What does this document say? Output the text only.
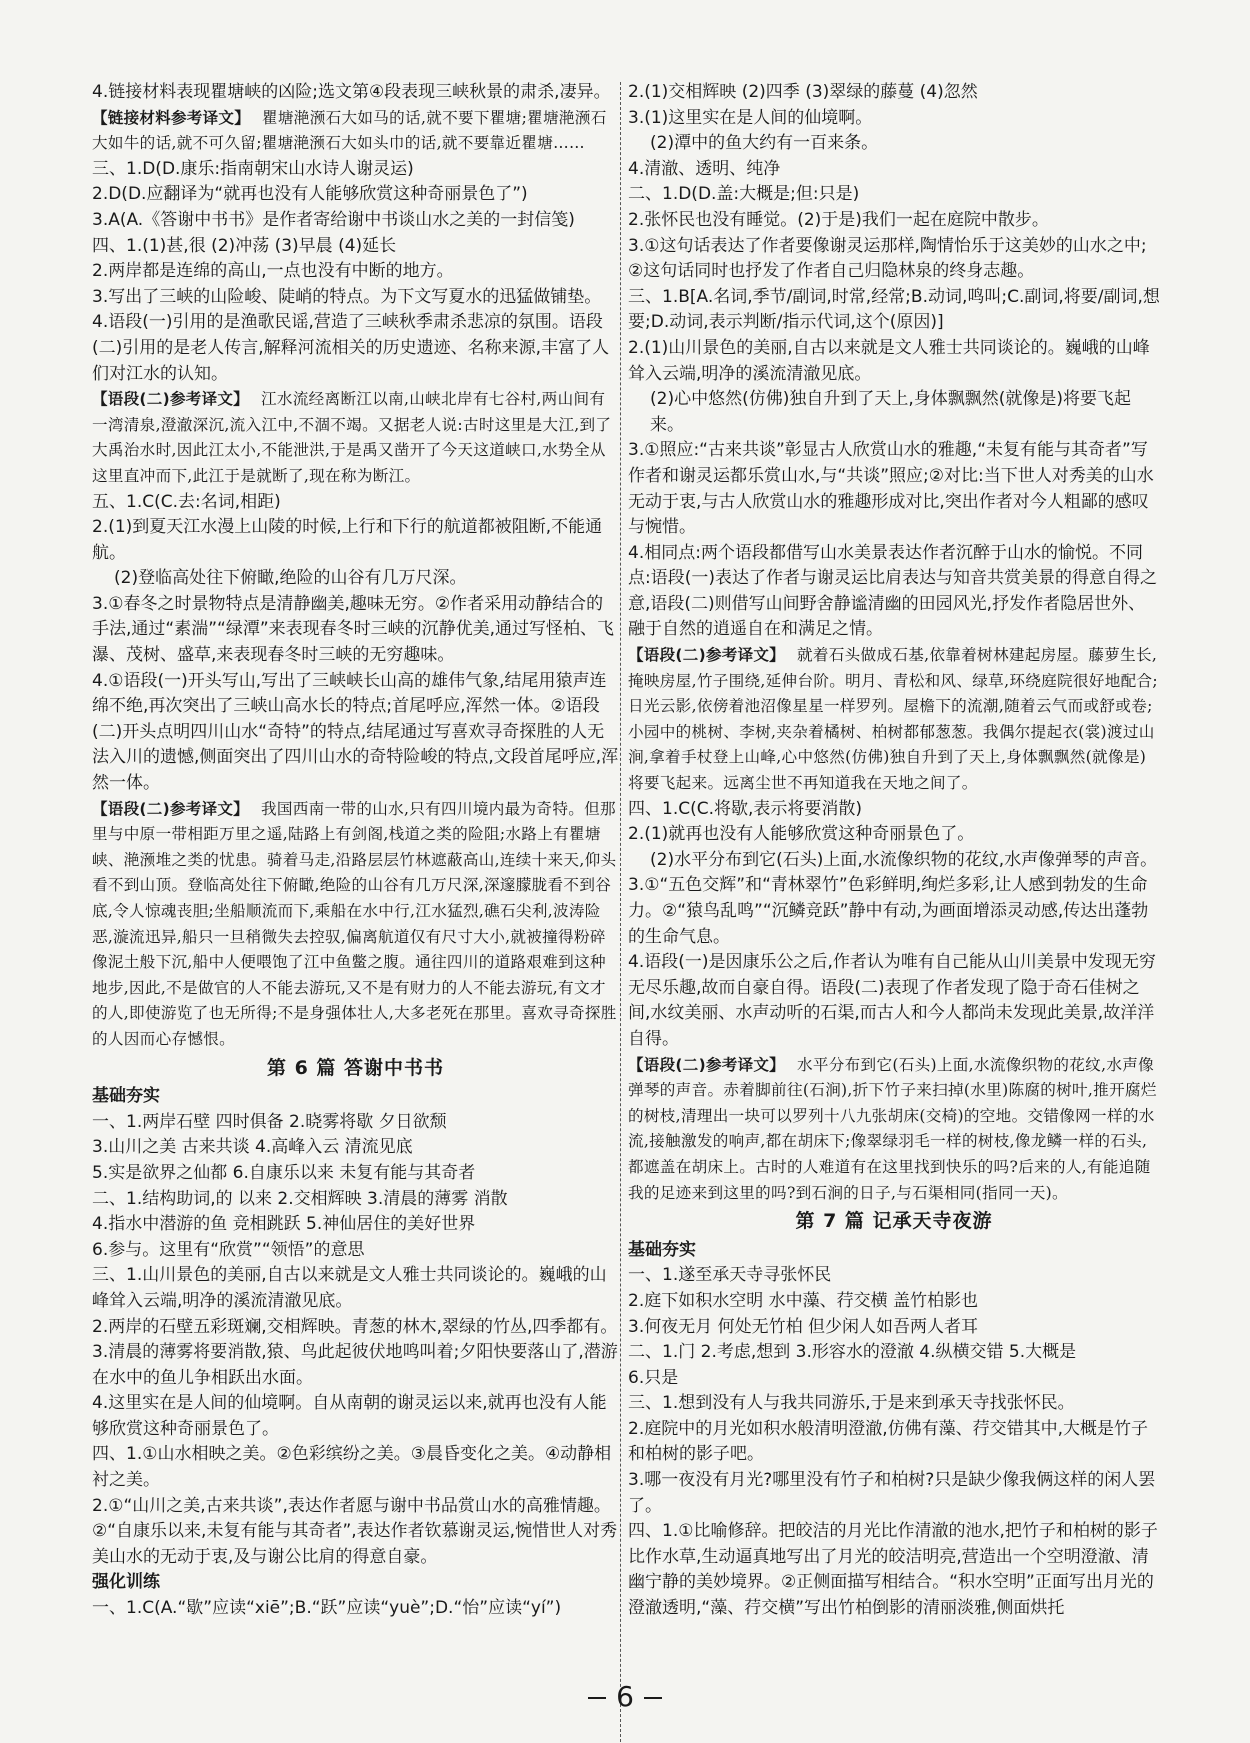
4.链接材料表现瞿塘峡的凶险;选文第④段表现三峡秋景的肃杀,凄异。

【链接材料参考译文】 瞿塘滟滪石大如马的话,就不要下瞿塘;瞿塘滟滪石大如牛的话,就不可久留;瞿塘滟滪石大如头巾的话,就不要靠近瞿塘……

三、1.D(D.康乐:指南朝宋山水诗人谢灵运)

2.D(D.应翻译为“就再也没有人能够欣赏这种奇丽景色了”)

3.A(A.《答谢中书书》是作者寄给谢中书谈山水之美的一封信笺)

四、1.(1)甚,很 (2)冲荡 (3)早晨 (4)延长

2.两岸都是连绵的高山,一点也没有中断的地方。

3.写出了三峡的山险峻、陡峭的特点。为下文写夏水的迅猛做铺垫。

4.语段(一)引用的是渔歌民谣,营造了三峡秋季肃杀悲凉的氛围。语段(二)引用的是老人传言,解释河流相关的历史遗迹、名称来源,丰富了人们对江水的认知。

【语段(二)参考译文】 江水流经离断江以南,山峡北岸有七谷村,两山间有一湾清泉,澄澈深沉,流入江中,不涸不竭。又据老人说:古时这里是大江,到了大禹治水时,因此江太小,不能泄洪,于是禹又凿开了今天这道峡口,水势全从这里直冲而下,此江于是就断了,现在称为断江。

五、1.C(C.去:名词,相距)

2.(1)到夏天江水漫上山陵的时候,上行和下行的航道都被阻断,不能通航。

(2)登临高处往下俯瞰,绝险的山谷有几万尺深。

3.①春冬之时景物特点是清静幽美,趣味无穷。②作者采用动静结合的手法,通过“素湍”“绿潭”来表现春冬时三峡的沉静优美,通过写怪柏、飞瀑、茂树、盛草,来表现春冬时三峡的无穷趣味。

4.①语段(一)开头写山,写出了三峡峡长山高的雄伟气象,结尾用猿声连绵不绝,再次突出了三峡山高水长的特点;首尾呼应,浑然一体。②语段(二)开头点明四川山水“奇特”的特点,结尾通过写喜欢寻奇探胜的人无法入川的遗憾,侧面突出了四川山水的奇特险峻的特点,文段首尾呼应,浑然一体。

【语段(二)参考译文】 我国西南一带的山水,只有四川境内最为奇特。但那里与中原一带相距万里之遥,陆路上有剑阁,栈道之类的险阻;水路上有瞿塘峡、滟滪堆之类的忧患。骑着马走,沿路层层竹林遮蔽高山,连续十来天,仰头看不到山顶。登临高处往下俯瞰,绝险的山谷有几万尺深,深邃朦胧看不到谷底,令人惊魂丧胆;坐船顺流而下,乘船在水中行,江水猛烈,礁石尖利,波涛险恶,漩流迅异,船只一旦稍微失去控驭,偏离航道仅有尺寸大小,就被撞得粉碎像泥土般下沉,船中人便喂饱了江中鱼鳖之腹。通往四川的道路艰难到这种地步,因此,不是做官的人不能去游玩,又不是有财力的人不能去游玩,有文才的人,即使游览了也无所得;不是身强体壮人,大多老死在那里。喜欢寻奇探胜的人因而心存憾恨。

第 6 篇 答谢中书书

基础夯实

一、1.两岸石壁 四时俱备 2.晓雾将歇 夕日欲颓

3.山川之美 古来共谈 4.高峰入云 清流见底

5.实是欲界之仙都 6.自康乐以来 未复有能与其奇者

二、1.结构助词,的 以来 2.交相辉映 3.清晨的薄雾 消散

4.指水中潜游的鱼 竞相跳跃 5.神仙居住的美好世界

6.参与。这里有“欣赏”“领悟”的意思

三、1.山川景色的美丽,自古以来就是文人雅士共同谈论的。巍峨的山峰耸入云端,明净的溪流清澈见底。

2.两岸的石壁五彩斑斓,交相辉映。青葱的林木,翠绿的竹丛,四季都有。

3.清晨的薄雾将要消散,猿、鸟此起彼伏地鸣叫着;夕阳快要落山了,潜游在水中的鱼儿争相跃出水面。

4.这里实在是人间的仙境啊。自从南朝的谢灵运以来,就再也没有人能够欣赏这种奇丽景色了。

四、1.①山水相映之美。②色彩缤纷之美。③晨昏变化之美。④动静相衬之美。

2.①“山川之美,古来共谈”,表达作者愿与谢中书品赏山水的高雅情趣。②“自康乐以来,未复有能与其奇者”,表达作者钦慕谢灵运,惋惜世人对秀美山水的无动于衷,及与谢公比肩的得意自豪。

强化训练

一、1.C(A.“歇”应读“xiē”;B.“跃”应读“yuè”;D.“怡”应读“yí”)

2.(1)交相辉映 (2)四季 (3)翠绿的藤蔓 (4)忽然

3.(1)这里实在是人间的仙境啊。

(2)潭中的鱼大约有一百来条。

4.清澈、透明、纯净

二、1.D(D.盖:大概是;但:只是)

2.张怀民也没有睡觉。(2)于是)我们一起在庭院中散步。

3.①这句话表达了作者要像谢灵运那样,陶情怡乐于这美妙的山水之中;②这句话同时也抒发了作者自己归隐林泉的终身志趣。

三、1.B[A.名词,季节/副词,时常,经常;B.动词,鸣叫;C.副词,将要/副词,想要;D.动词,表示判断/指示代词,这个(原因)]

2.(1)山川景色的美丽,自古以来就是文人雅士共同谈论的。巍峨的山峰耸入云端,明净的溪流清澈见底。

(2)心中悠然(仿佛)独自升到了天上,身体飘飘然(就像是)将要飞起来。

3.①照应:“古来共谈”彰显古人欣赏山水的雅趣,“未复有能与其奇者”写作者和谢灵运都乐赏山水,与“共谈”照应;②对比:当下世人对秀美的山水无动于衷,与古人欣赏山水的雅趣形成对比,突出作者对今人粗鄙的感叹与惋惜。

4.相同点:两个语段都借写山水美景表达作者沉醉于山水的愉悦。不同点:语段(一)表达了作者与谢灵运比肩表达与知音共赏美景的得意自得之意,语段(二)则借写山间野舍静谧清幽的田园风光,抒发作者隐居世外、融于自然的逍遥自在和满足之情。

【语段(二)参考译文】 就着石头做成石基,依靠着树林建起房屋。藤萝生长,掩映房屋,竹子围绕,延伸台阶。明月、青松和风、绿草,环绕庭院很好地配合;日光云影,依傍着池沼像星星一样罗列。屋檐下的流潮,随着云气而或舒或卷;小园中的桃树、李树,夹杂着橘树、柏树都郁葱葱。我偶尔提起衣(裳)渡过山涧,拿着手杖登上山峰,心中悠然(仿佛)独自升到了天上,身体飘飘然(就像是)将要飞起来。远离尘世不再知道我在天地之间了。

四、1.C(C.将歇,表示将要消散)

2.(1)就再也没有人能够欣赏这种奇丽景色了。

(2)水平分布到它(石头)上面,水流像织物的花纹,水声像弹琴的声音。

3.①“五色交辉”和“青林翠竹”色彩鲜明,绚烂多彩,让人感到勃发的生命力。②“猿鸟乱鸣”“沉鳞竞跃”静中有动,为画面增添灵动感,传达出蓬勃的生命气息。

4.语段(一)是因康乐公之后,作者认为唯有自己能从山川美景中发现无穷无尽乐趣,故而自豪自得。语段(二)表现了作者发现了隐于奇石佳树之间,水纹美丽、水声动听的石渠,而古人和今人都尚未发现此美景,故洋洋自得。

【语段(二)参考译文】 水平分布到它(石头)上面,水流像织物的花纹,水声像弹琴的声音。赤着脚前往(石涧),折下竹子来扫掉(水里)陈腐的树叶,推开腐烂的树枝,清理出一块可以罗列十八九张胡床(交椅)的空地。交错像网一样的水流,接触激发的响声,都在胡床下;像翠绿羽毛一样的树枝,像龙鳞一样的石头,都遮盖在胡床上。古时的人难道有在这里找到快乐的吗?后来的人,有能追随我的足迹来到这里的吗?到石涧的日子,与石渠相同(指同一天)。

第 7 篇 记承天寺夜游

基础夯实

一、1.遂至承天寺寻张怀民

2.庭下如积水空明 水中藻、荇交横 盖竹柏影也

3.何夜无月 何处无竹柏 但少闲人如吾两人者耳

二、1.门 2.考虑,想到 3.形容水的澄澈 4.纵横交错 5.大概是

6.只是

三、1.想到没有人与我共同游乐,于是来到承天寺找张怀民。

2.庭院中的月光如积水般清明澄澈,仿佛有藻、荇交错其中,大概是竹子和柏树的影子吧。

3.哪一夜没有月光?哪里没有竹子和柏树?只是缺少像我俩这样的闲人罢了。

四、1.①比喻修辞。把皎洁的月光比作清澈的池水,把竹子和柏树的影子比作水草,生动逼真地写出了月光的皎洁明亮,营造出一个空明澄澈、清幽宁静的美妙境界。②正侧面描写相结合。“积水空明”正面写出月光的澄澈透明,“藻、荇交横”写出竹柏倒影的清丽淡雅,侧面烘托

6
